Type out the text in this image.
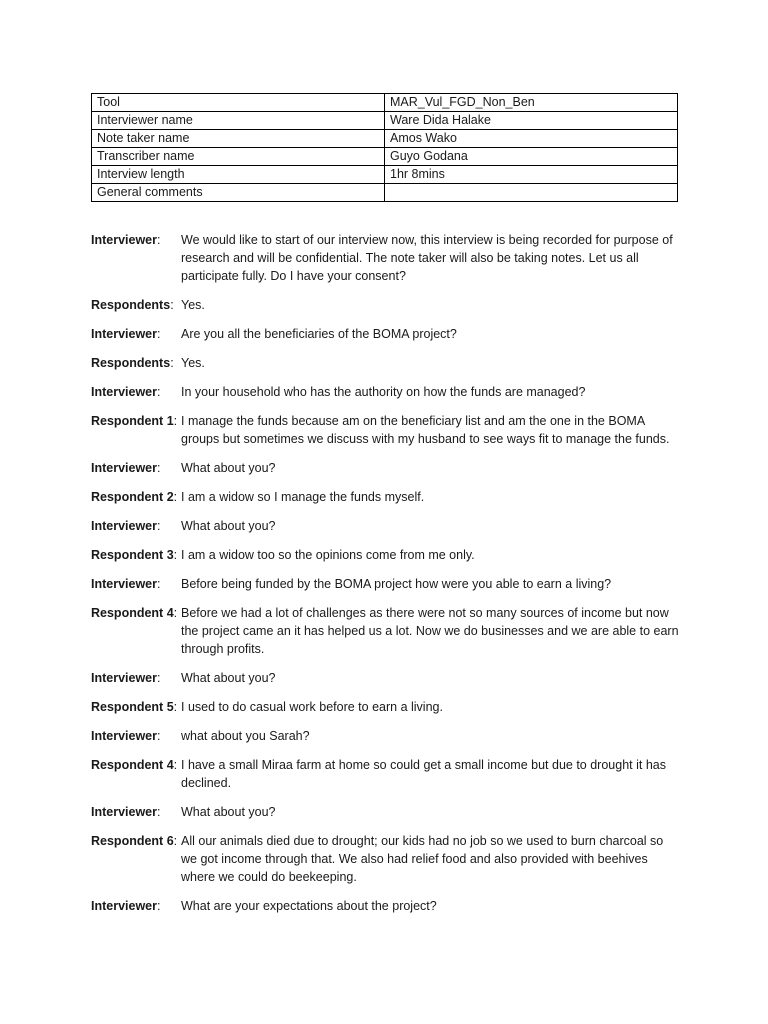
Tool	MAR_Vul_FGD_Non_Ben
Interviewer name	Ware Dida Halake
Note taker name	Amos Wako
Transcriber name	Guyo Godana
Interview length	1hr 8mins
General comments	
Interviewer:	We would like to start of our interview now, this interview is being recorded for purpose of research and will be confidential. The note taker will also be taking notes. Let us all participate fully. Do I have your consent?
Respondents: Yes.
Interviewer:	Are you all the beneficiaries of the BOMA project?
Respondents: Yes.
Interviewer:	In your household who has the authority on how the funds are managed?
Respondent 1: I manage the funds because am on the beneficiary list and am the one in the BOMA groups but sometimes we discuss with my husband to see ways fit to manage the funds.
Interviewer:	What about you?
Respondent 2: I am a widow so I manage the funds myself.
Interviewer:	What about you?
Respondent 3: I am a widow too so the opinions come from me only.
Interviewer:	Before being funded by the BOMA project how were you able to earn a living?
Respondent 4: Before we had a lot of challenges as there were not so many sources of income but now the project came an it has helped us a lot. Now we do businesses and we are able to earn through profits.
Interviewer:	What about you?
Respondent 5: I used to do casual work before to earn a living.
Interviewer:	what about you Sarah?
Respondent 4: I have a small Miraa farm at home so could get a small income but due to drought it has declined.
Interviewer:	What about you?
Respondent 6: All our animals died due to drought; our kids had no job so we used to burn charcoal so we got income through that. We also had relief food and also provided with beehives where we could do beekeeping.
Interviewer:	What are your expectations about the project?
